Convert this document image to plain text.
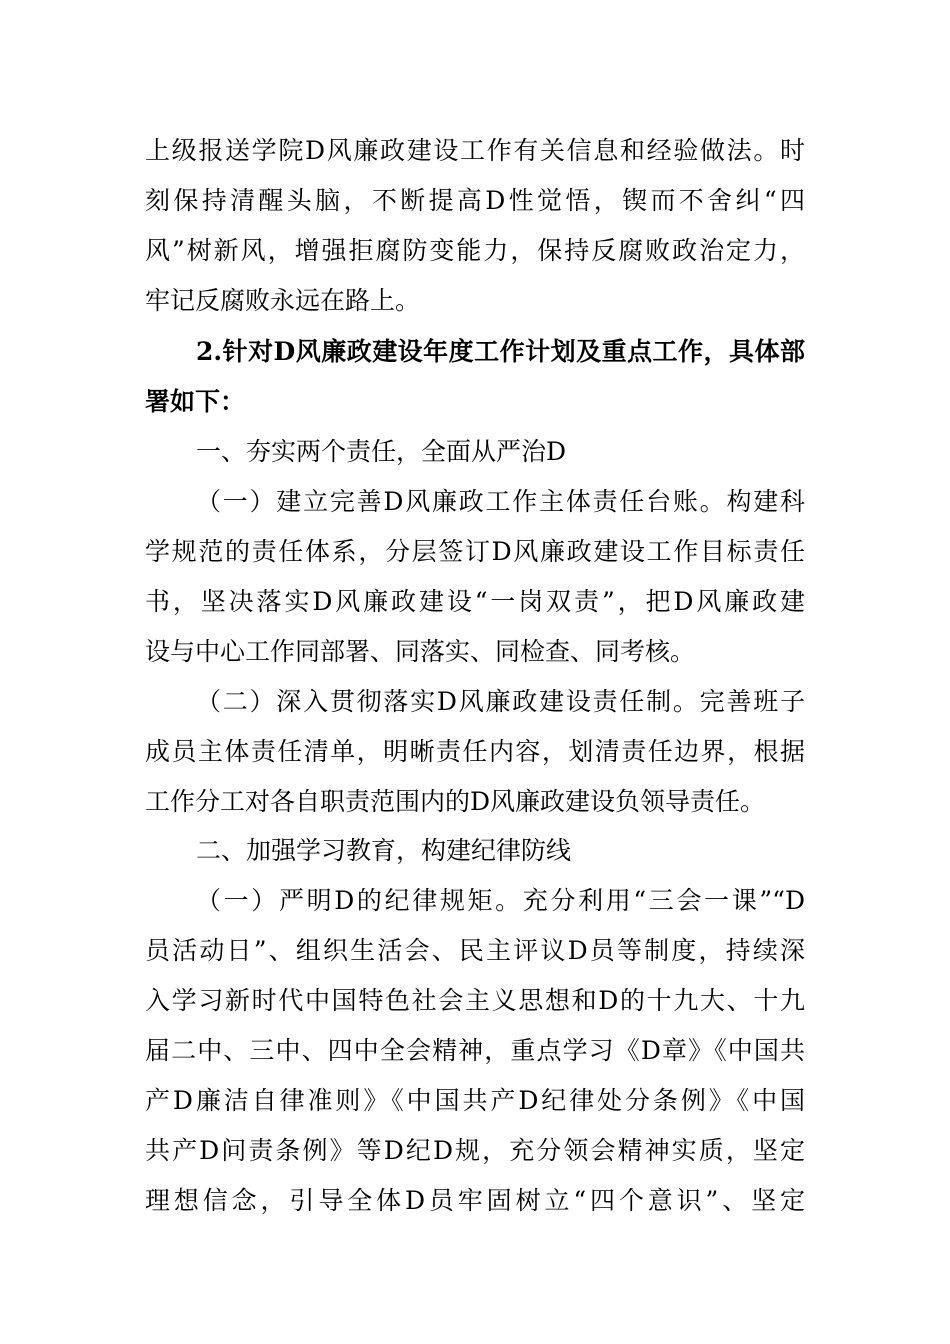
上级报送学院D风廉政建设工作有关信息和经验做法。时
刻保持清醒头脑，不断提高D性觉悟，锲而不舍纠“四
风”树新风，增强拒腐防变能力，保持反腐败政治定力，
牢记反腐败永远在路上。
2.针对D风廉政建设年度工作计划及重点工作，具体部
署如下：
一、夯实两个责任，全面从严治D
（一）建立完善D风廉政工作主体责任台账。构建科
学规范的责任体系，分层签订D风廉政建设工作目标责任
书，坚决落实D风廉政建设“一岗双责”，把D风廉政建
设与中心工作同部署、同落实、同检查、同考核。
（二）深入贯彻落实D风廉政建设责任制。完善班子
成员主体责任清单，明晰责任内容，划清责任边界，根据
工作分工对各自职责范围内的D风廉政建设负领导责任。
二、加强学习教育，构建纪律防线
（一）严明D的纪律规矩。充分利用“三会一课”“D
员活动日”、组织生活会、民主评议D员等制度，持续深
入学习新时代中国特色社会主义思想和D的十九大、十九
届二中、三中、四中全会精神，重点学习《D章》《中国共
产D廉洁自律准则》《中国共产D纪律处分条例》《中国
共产D问责条例》等D纪D规，充分领会精神实质，坚定
理想信念，引导全体D员牢固树立“四个意识”、坚定
